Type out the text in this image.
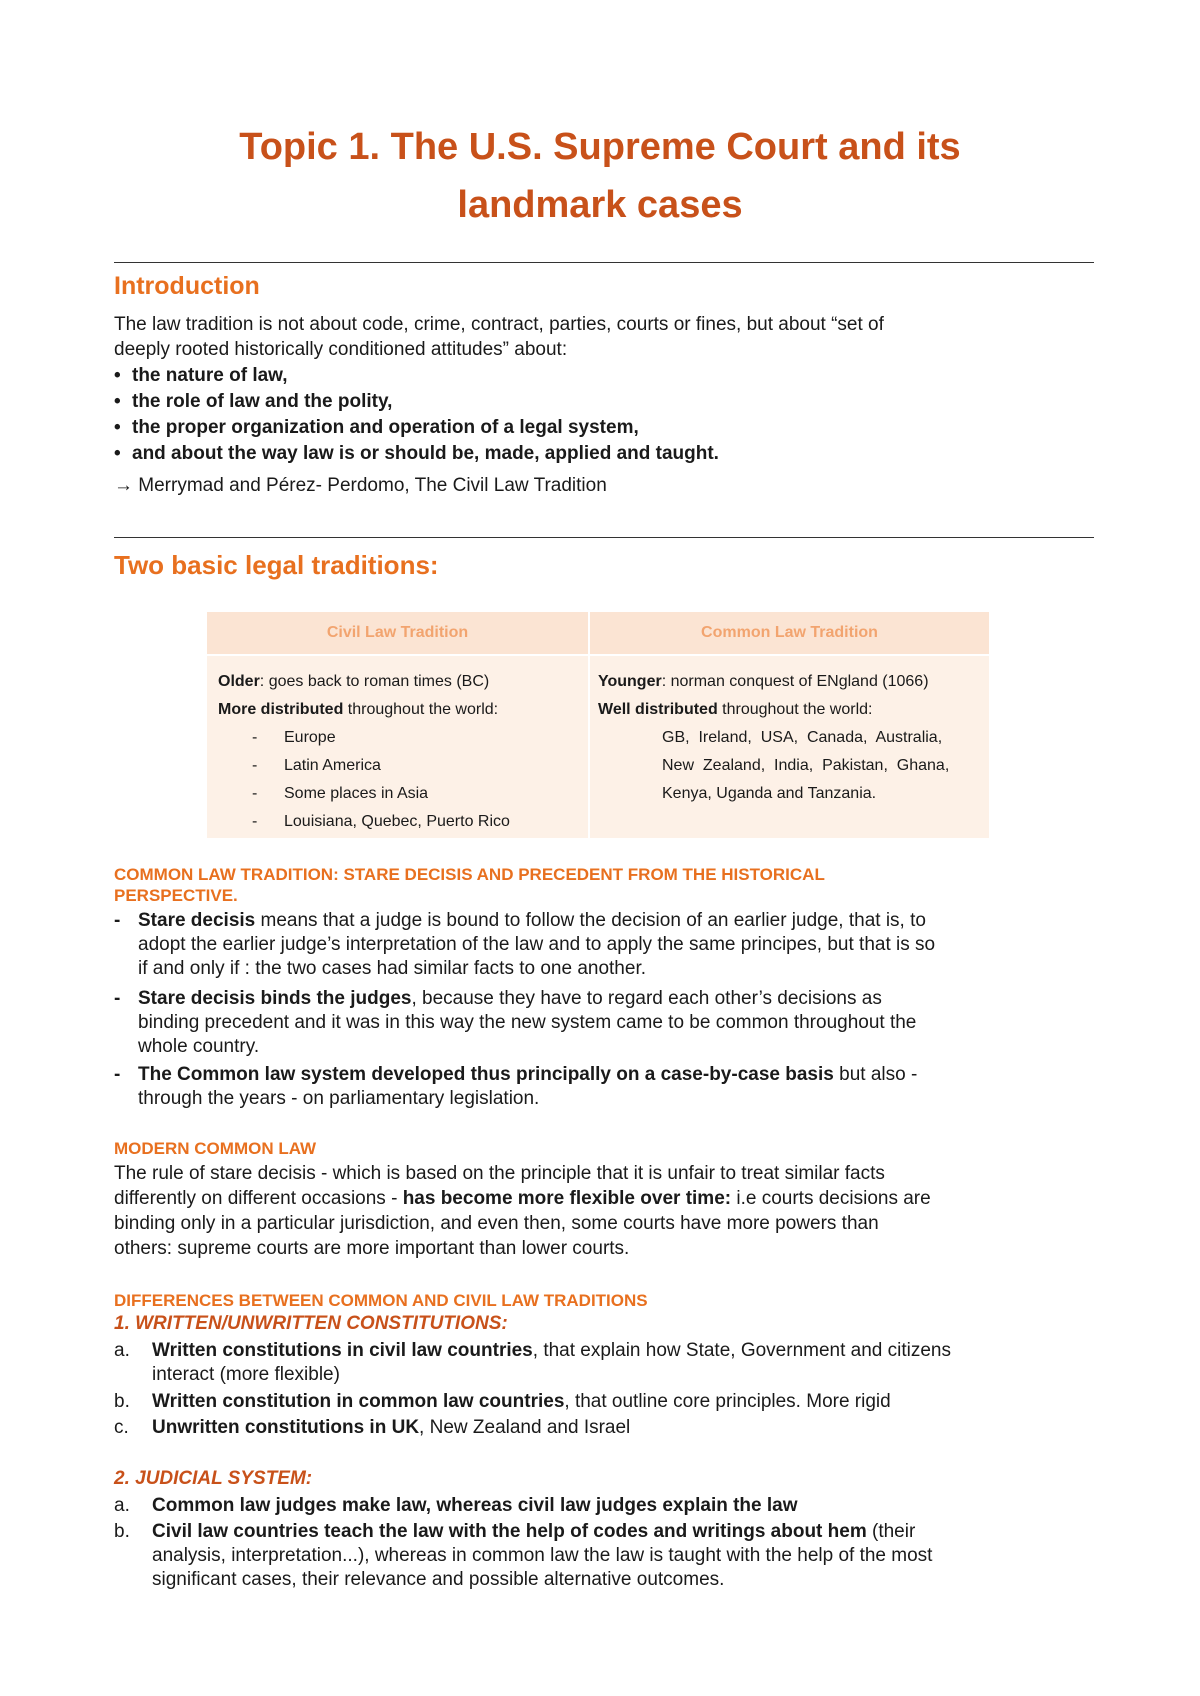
Topic 1. The U.S. Supreme Court and its
landmark cases
Introduction
The law tradition is not about code, crime, contract, parties, courts or fines, but about “set of
deeply rooted historically conditioned attitudes” about:
• the nature of law,
• the role of law and the polity,
• the proper organization and operation of a legal system,
• and about the way law is or should be, made, applied and taught.
→ Merrymad and Pérez- Perdomo, The Civil Law Tradition
Two basic legal traditions:
Civil Law Tradition	Common Law Tradition
Older: goes back to roman times (BC)
More distributed throughout the world:
- Europe
- Latin America
- Some places in Asia
- Louisiana, Quebec, Puerto Rico
Younger: norman conquest of ENgland (1066)
Well distributed throughout the world:
GB,  Ireland,  USA,  Canada,  Australia,
New  Zealand,  India,  Pakistan,  Ghana,
Kenya, Uganda and Tanzania.
COMMON LAW TRADITION: STARE DECISIS AND PRECEDENT FROM THE HISTORICAL
PERSPECTIVE.
- Stare decisis means that a judge is bound to follow the decision of an earlier judge, that is, to
adopt the earlier judge’s interpretation of the law and to apply the same principes, but that is so
if and only if : the two cases had similar facts to one another.
- Stare decisis binds the judges, because they have to regard each other’s decisions as
binding precedent and it was in this way the new system came to be common throughout the
whole country.
- The Common law system developed thus principally on a case-by-case basis but also -
through the years - on parliamentary legislation.
MODERN COMMON LAW
The rule of stare decisis - which is based on the principle that it is unfair to treat similar facts
differently on different occasions - has become more flexible over time: i.e courts decisions are
binding only in a particular jurisdiction, and even then, some courts have more powers than
others: supreme courts are more important than lower courts.
DIFFERENCES BETWEEN COMMON AND CIVIL LAW TRADITIONS
1. WRITTEN/UNWRITTEN CONSTITUTIONS:
a. Written constitutions in civil law countries, that explain how State, Government and citizens
interact (more flexible)
b. Written constitution in common law countries, that outline core principles. More rigid
c. Unwritten constitutions in UK, New Zealand and Israel
2. JUDICIAL SYSTEM:
a. Common law judges make law, whereas civil law judges explain the law
b. Civil law countries teach the law with the help of codes and writings about hem (their
analysis, interpretation...), whereas in common law the law is taught with the help of the most
significant cases, their relevance and possible alternative outcomes.
